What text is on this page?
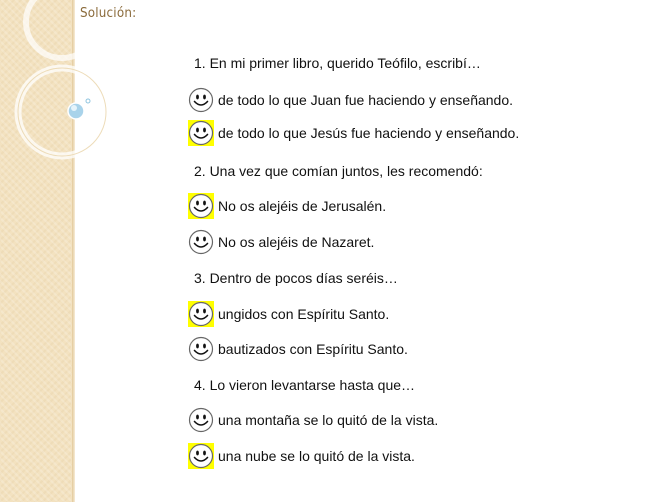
Solución:
1. En mi primer libro, querido Teófilo, escribí…
de todo lo que Juan fue haciendo y enseñando.
de todo lo que Jesús fue haciendo y enseñando.
2. Una vez que comían juntos, les recomendó:
No os alejéis de Jerusalén.
No os alejéis de Nazaret.
3. Dentro de pocos días seréis…
ungidos con Espíritu Santo.
bautizados con Espíritu Santo.
4. Lo vieron levantarse hasta que…
una montaña se lo quitó de la vista.
una nube se lo quitó de la vista.
